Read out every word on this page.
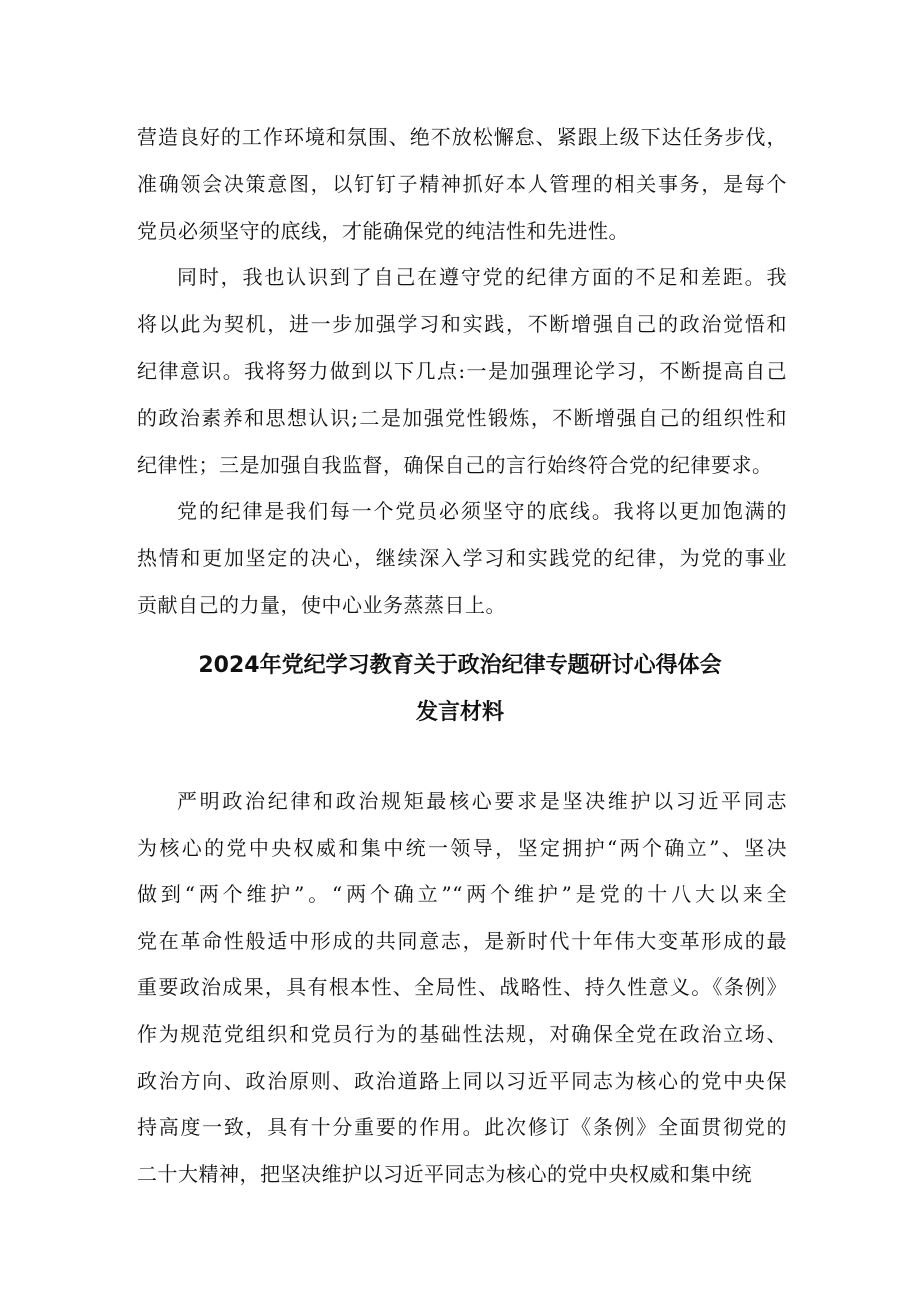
营造良好的工作环境和氛围、绝不放松懈怠、紧跟上级下达任务步伐，
准确领会决策意图，以钉钉子精神抓好本人管理的相关事务，是每个
党员必须坚守的底线，才能确保党的纯洁性和先进性。
同时，我也认识到了自己在遵守党的纪律方面的不足和差距。我
将以此为契机，进一步加强学习和实践，不断增强自己的政治觉悟和
纪律意识。我将努力做到以下几点:一是加强理论学习，不断提高自己
的政治素养和思想认识;二是加强党性锻炼，不断增强自己的组织性和
纪律性；三是加强自我监督，确保自己的言行始终符合党的纪律要求。
党的纪律是我们每一个党员必须坚守的底线。我将以更加饱满的
热情和更加坚定的决心，继续深入学习和实践党的纪律，为党的事业
贡献自己的力量，使中心业务蒸蒸日上。
2024年党纪学习教育关于政治纪律专题研讨心得体会
发言材料
严明政治纪律和政治规矩最核心要求是坚决维护以习近平同志
为核心的党中央权威和集中统一领导，坚定拥护“两个确立”、坚决
做到“两个维护”。“两个确立”“两个维护”是党的十八大以来全
党在革命性般适中形成的共同意志，是新时代十年伟大变革形成的最
重要政治成果，具有根本性、全局性、战略性、持久性意义。《条例》
作为规范党组织和党员行为的基础性法规，对确保全党在政治立场、
政治方向、政治原则、政治道路上同以习近平同志为核心的党中央保
持高度一致，具有十分重要的作用。此次修订《条例》全面贯彻党的
二十大精神，把坚决维护以习近平同志为核心的党中央权威和集中统
